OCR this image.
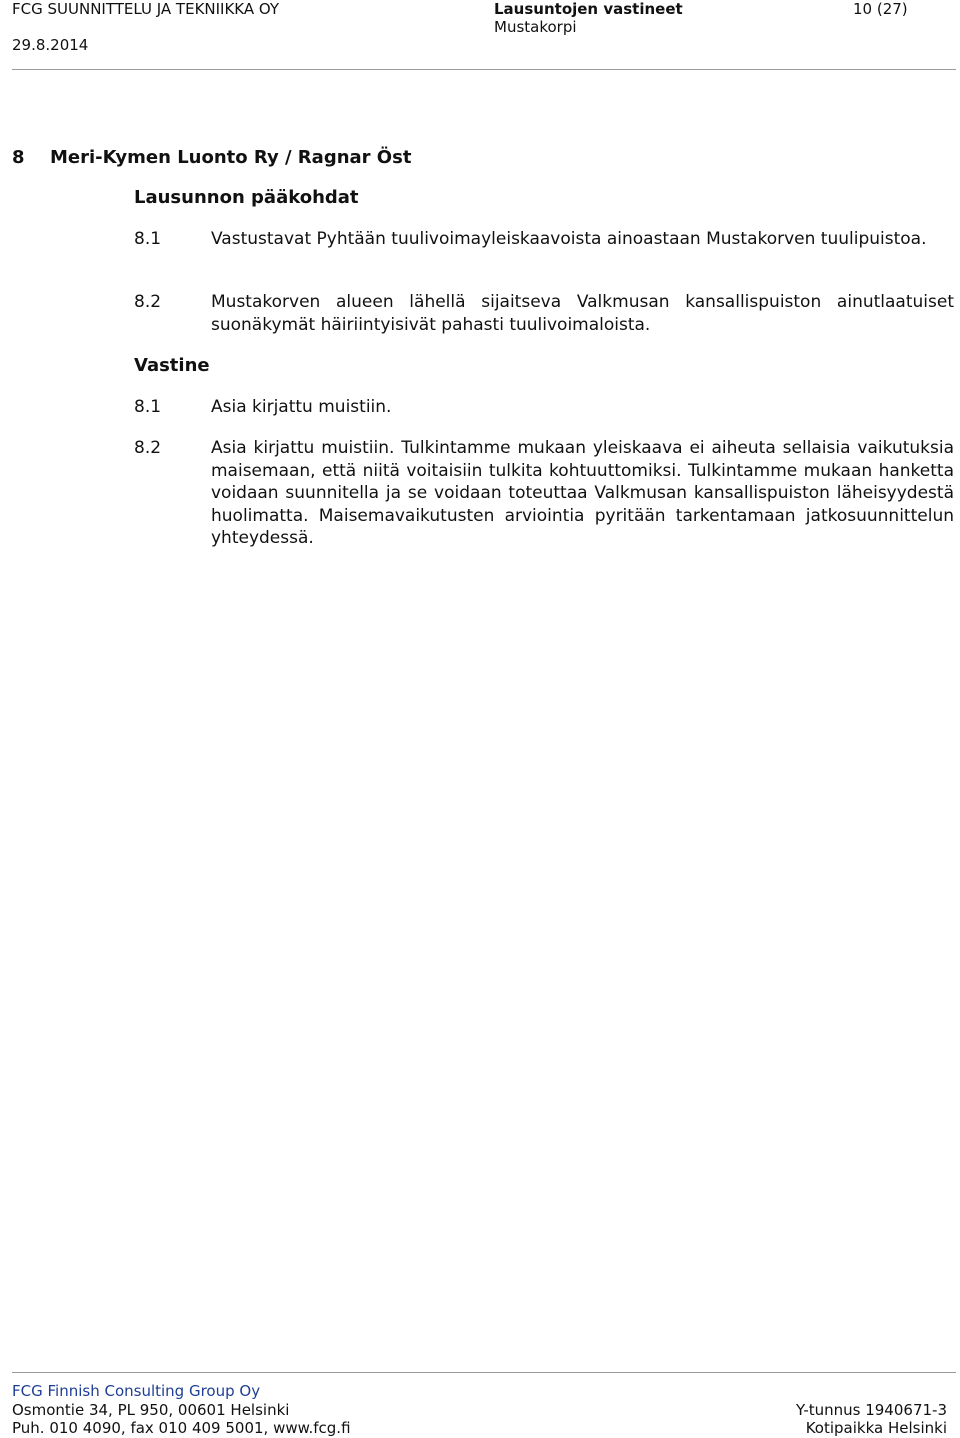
FCG SUUNNITTELU JA TEKNIIKKA OY
29.8.2014
Lausuntojen vastineet
Mustakorpi
10 (27)
8 Meri-Kymen Luonto Ry / Ragnar Öst
Lausunnon pääkohdat
8.1	Vastustavat Pyhtään tuulivoimayleiskaavoista ainoastaan Mustakorven tuulipuistoa.
8.2	Mustakorven alueen lähellä sijaitseva Valkmusan kansallispuiston ainutlaatuiset suonäkymät häiriintyisivät pahasti tuulivoimaloista.
Vastine
8.1	Asia kirjattu muistiin.
8.2	Asia kirjattu muistiin. Tulkintamme mukaan yleiskaava ei aiheuta sellaisia vaikutuksia maisemaan, että niitä voitaisiin tulkita kohtuuttomiksi. Tulkintamme mukaan hanketta voidaan suunnitella ja se voidaan toteuttaa Valkmusan kansallispuiston läheisyydestä huolimatta. Maisemavaikutusten arviointia pyritään tarkentamaan jatkosuunnittelun yhteydessä.
FCG Finnish Consulting Group Oy
Osmontie 34, PL 950, 00601 Helsinki
Puh. 010 4090, fax 010 409 5001, www.fcg.fi
Y-tunnus 1940671-3
Kotipaikka Helsinki
